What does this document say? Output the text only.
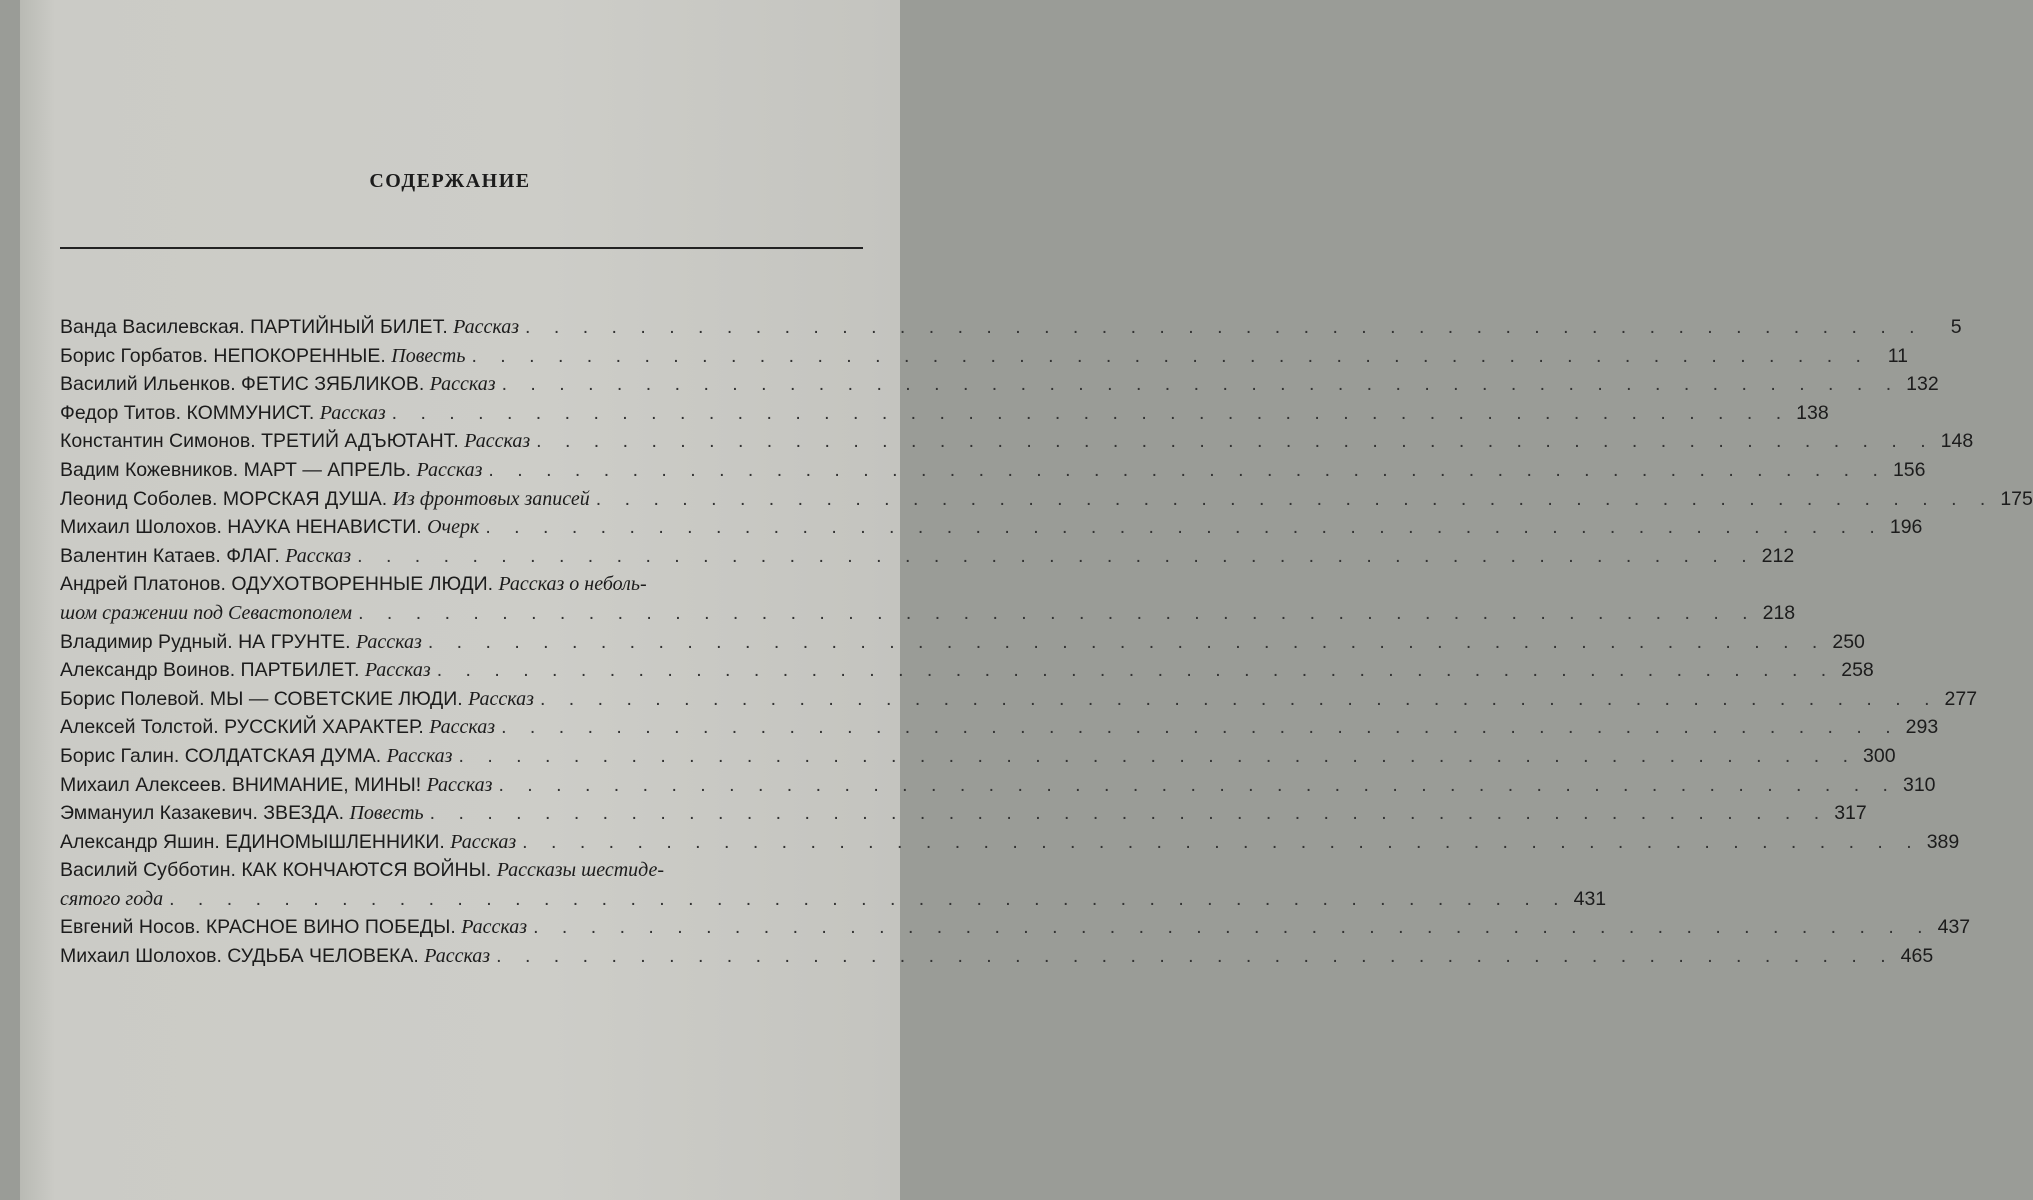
СОДЕРЖАНИЕ
Ванда Василевская. ПАРТИЙНЫЙ БИЛЕТ. Рассказ . . .	5
Борис Горбатов. НЕПОКОРЕННЫЕ. Повесть . . .	11
Василий Ильенков. ФЕТИС ЗЯБЛИКОВ. Рассказ . . .	132
Федор Титов. КОММУНИСТ. Рассказ . . .	138
Константин Симонов. ТРЕТИЙ АДЪЮТАНТ. Рассказ . . .	148
Вадим Кожевников. МАРТ — АПРЕЛЬ. Рассказ . . .	156
Леонид Соболев. МОРСКАЯ ДУША. Из фронтовых записей . . .	175
Михаил Шолохов. НАУКА НЕНАВИСТИ. Очерк . . .	196
Валентин Катаев. ФЛАГ. Рассказ . . .	212
Андрей Платонов. ОДУХОТВОРЕННЫЕ ЛЮДИ. Рассказ о неболь-
шом сражении под Севастополем . . .	218
Владимир Рудный. НА ГРУНТЕ. Рассказ . . .	250
Александр Воинов. ПАРТБИЛЕТ. Рассказ . . .	258
Борис Полевой. МЫ — СОВЕТСКИЕ ЛЮДИ. Рассказ . . .	277
Алексей Толстой. РУССКИЙ ХАРАКТЕР. Рассказ . . .	293
Борис Галин. СОЛДАТСКАЯ ДУМА. Рассказ . . .	300
Михаил Алексеев. ВНИМАНИЕ, МИНЫ! Рассказ . . .	310
Эммануил Казакевич. ЗВЕЗДА. Повесть . . .	317
Александр Яшин. ЕДИНОМЫШЛЕННИКИ. Рассказ . . .	389
Василий Субботин. КАК КОНЧАЮТСЯ ВОЙНЫ. Рассказы шестиде-
сятого года . . .	431
Евгений Носов. КРАСНОЕ ВИНО ПОБЕДЫ. Рассказ . . .	437
Михаил Шолохов. СУДЬБА ЧЕЛОВЕКА. Рассказ . . .	465
